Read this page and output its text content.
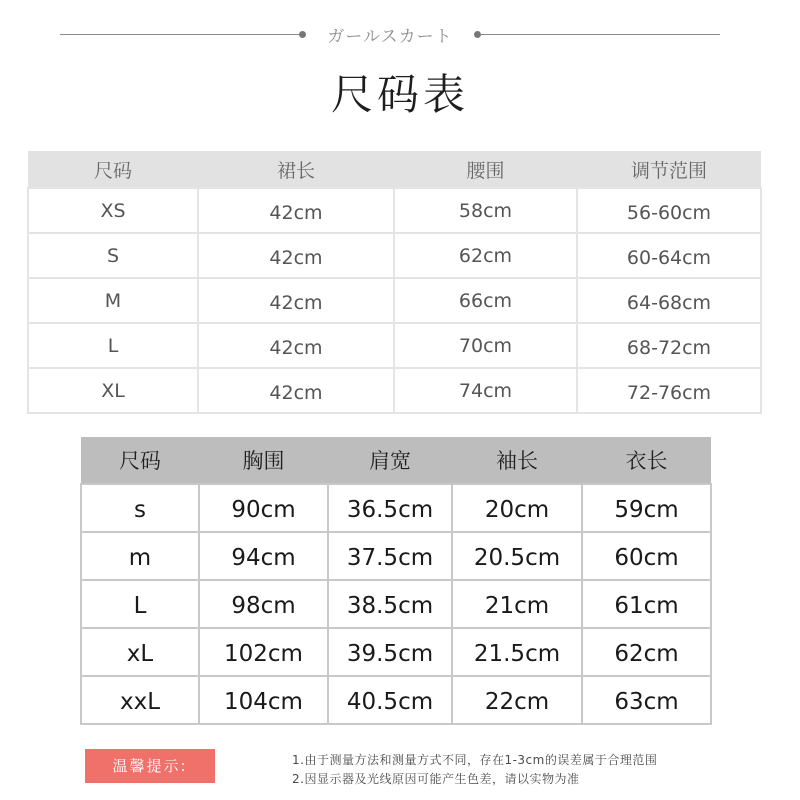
ガールスカート
尺码表
尺码	裙长	腰围	调节范围
XS	42cm	58cm	56-60cm
S	42cm	62cm	60-64cm
M	42cm	66cm	64-68cm
L	42cm	70cm	68-72cm
XL	42cm	74cm	72-76cm
尺码	胸围	肩宽	袖长	衣长
s	90cm	36.5cm	20cm	59cm
m	94cm	37.5cm	20.5cm	60cm
L	98cm	38.5cm	21cm	61cm
xL	102cm	39.5cm	21.5cm	62cm
xxL	104cm	40.5cm	22cm	63cm
温馨提示:	1.由于测量方法和测量方式不同，存在1-3cm的误差属于合理范围
2.因显示器及光线原因可能产生色差，请以实物为准
